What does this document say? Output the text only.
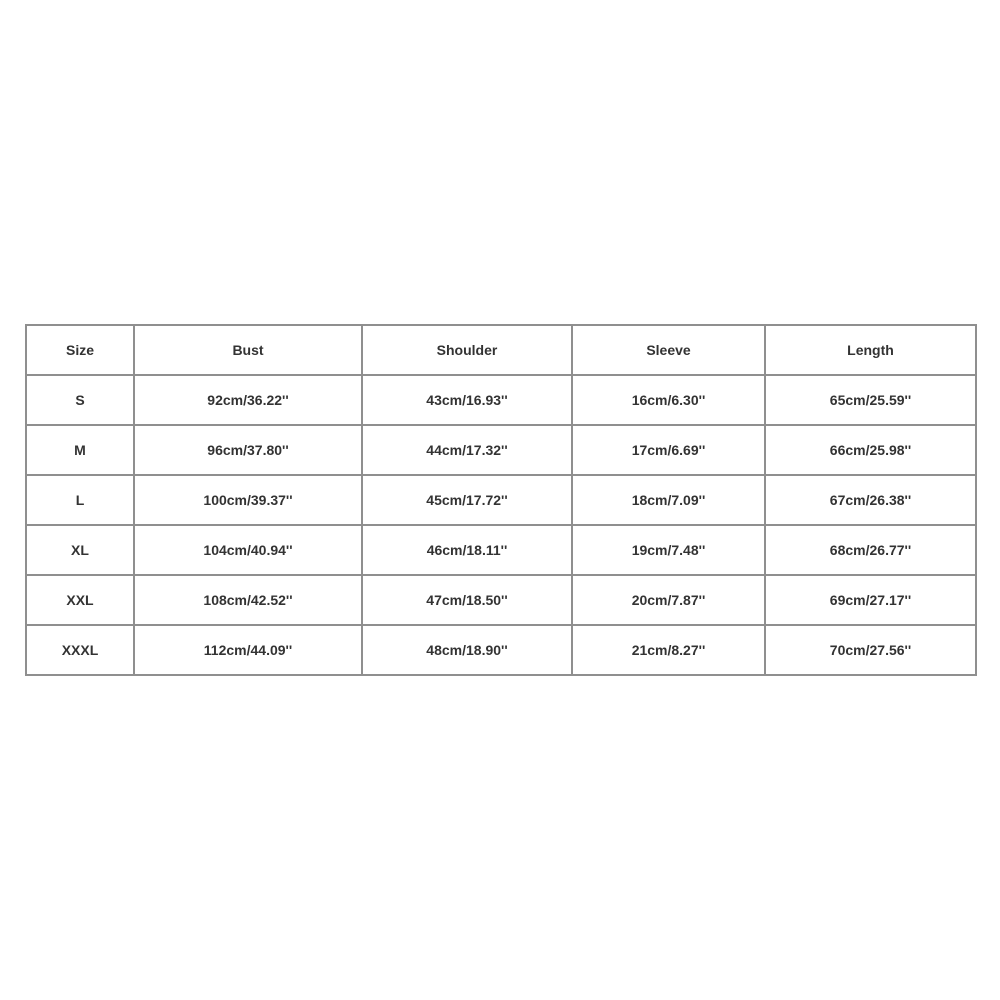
Size	Bust	Shoulder	Sleeve	Length
S	92cm/36.22''	43cm/16.93''	16cm/6.30''	65cm/25.59''
M	96cm/37.80''	44cm/17.32''	17cm/6.69''	66cm/25.98''
L	100cm/39.37''	45cm/17.72''	18cm/7.09''	67cm/26.38''
XL	104cm/40.94''	46cm/18.11''	19cm/7.48''	68cm/26.77''
XXL	108cm/42.52''	47cm/18.50''	20cm/7.87''	69cm/27.17''
XXXL	112cm/44.09''	48cm/18.90''	21cm/8.27''	70cm/27.56''
